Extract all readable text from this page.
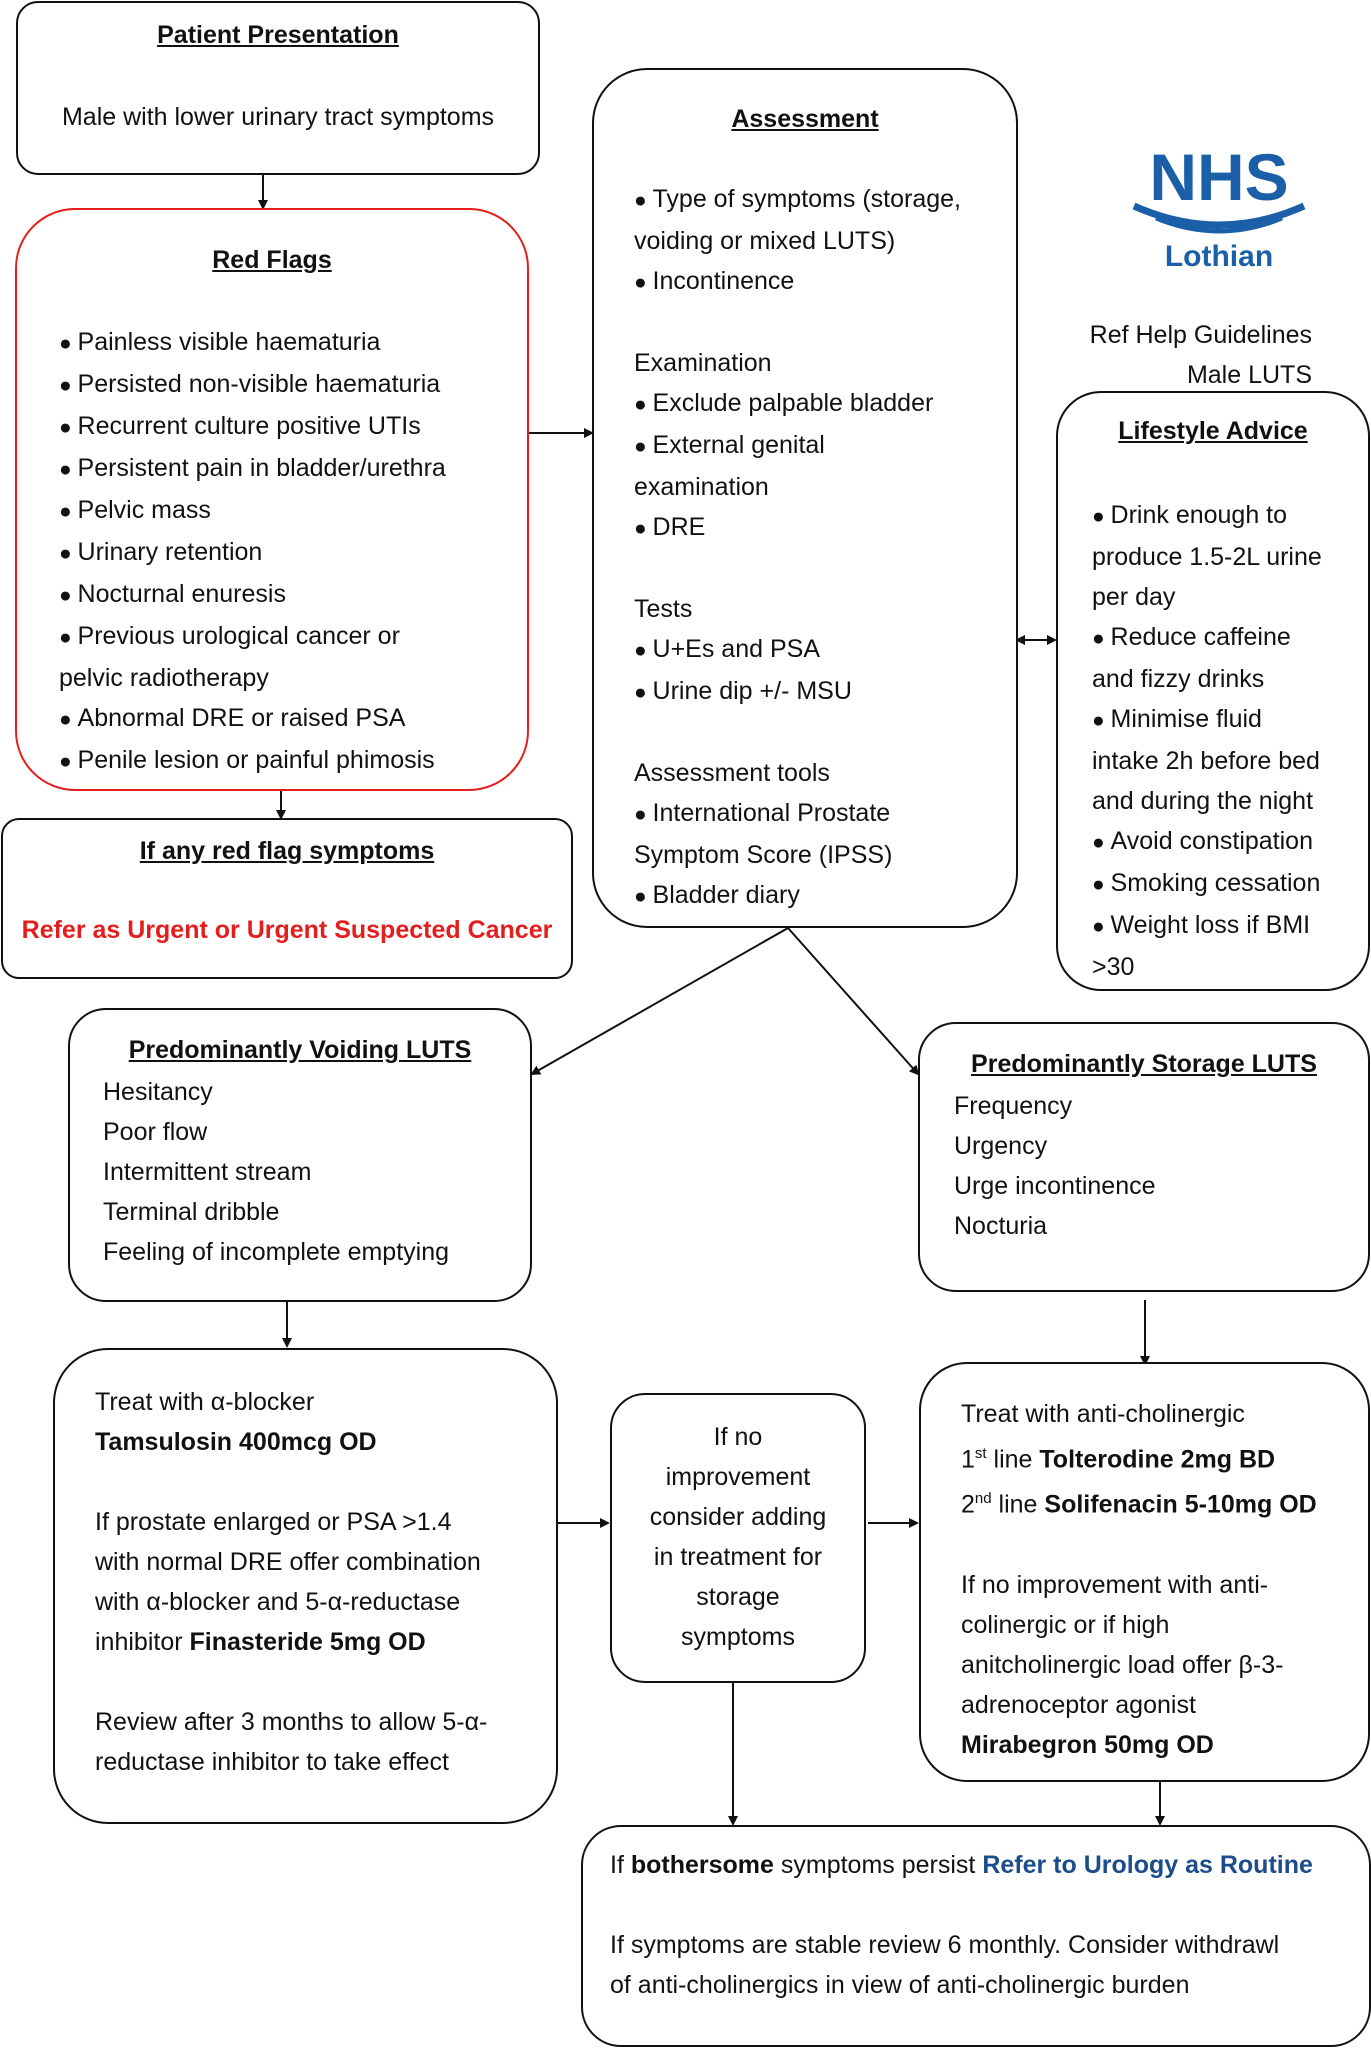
Patient Presentation
Male with lower urinary tract symptoms
Red Flags
● Painless visible haematuria
● Persisted non-visible haematuria
● Recurrent culture positive UTIs
● Persistent pain in bladder/urethra
● Pelvic mass
● Urinary retention
● Nocturnal enuresis
● Previous urological cancer or
pelvic radiotherapy
● Abnormal DRE or raised PSA
● Penile lesion or painful phimosis
If any red flag symptoms
Refer as Urgent or Urgent Suspected Cancer
Assessment
● Type of symptoms (storage,
voiding or mixed LUTS)
● Incontinence

Examination
● Exclude palpable bladder
● External genital
examination
● DRE

Tests
● U+Es and PSA
● Urine dip +/- MSU

Assessment tools
● International Prostate
Symptom Score (IPSS)
● Bladder diary
NHS
Lothian
Ref Help Guidelines
Male LUTS
Lifestyle Advice
● Drink enough to
produce 1.5-2L urine
per day
● Reduce caffeine
and fizzy drinks
● Minimise fluid
intake 2h before bed
and during the night
● Avoid constipation
● Smoking cessation
● Weight loss if BMI
>30
Predominantly Voiding LUTS
Hesitancy
Poor flow
Intermittent stream
Terminal dribble
Feeling of incomplete emptying
Predominantly Storage LUTS
Frequency
Urgency
Urge incontinence
Nocturia
Treat with α-blocker
Tamsulosin 400mcg OD

If prostate enlarged or PSA >1.4
with normal DRE offer combination
with α-blocker and 5-α-reductase
inhibitor Finasteride 5mg OD

Review after 3 months to allow 5-α-
reductase inhibitor to take effect
If no
improvement
consider adding
in treatment for
storage
symptoms
Treat with anti-cholinergic
1st line Tolterodine 2mg BD
2nd line Solifenacin 5-10mg OD

If no improvement with anti-
colinergic or if high
anitcholinergic load offer β-3-
adrenoceptor agonist
Mirabegron 50mg OD
If bothersome symptoms persist Refer to Urology as Routine

If symptoms are stable review 6 monthly. Consider withdrawl
of anti-cholinergics in view of anti-cholinergic burden
